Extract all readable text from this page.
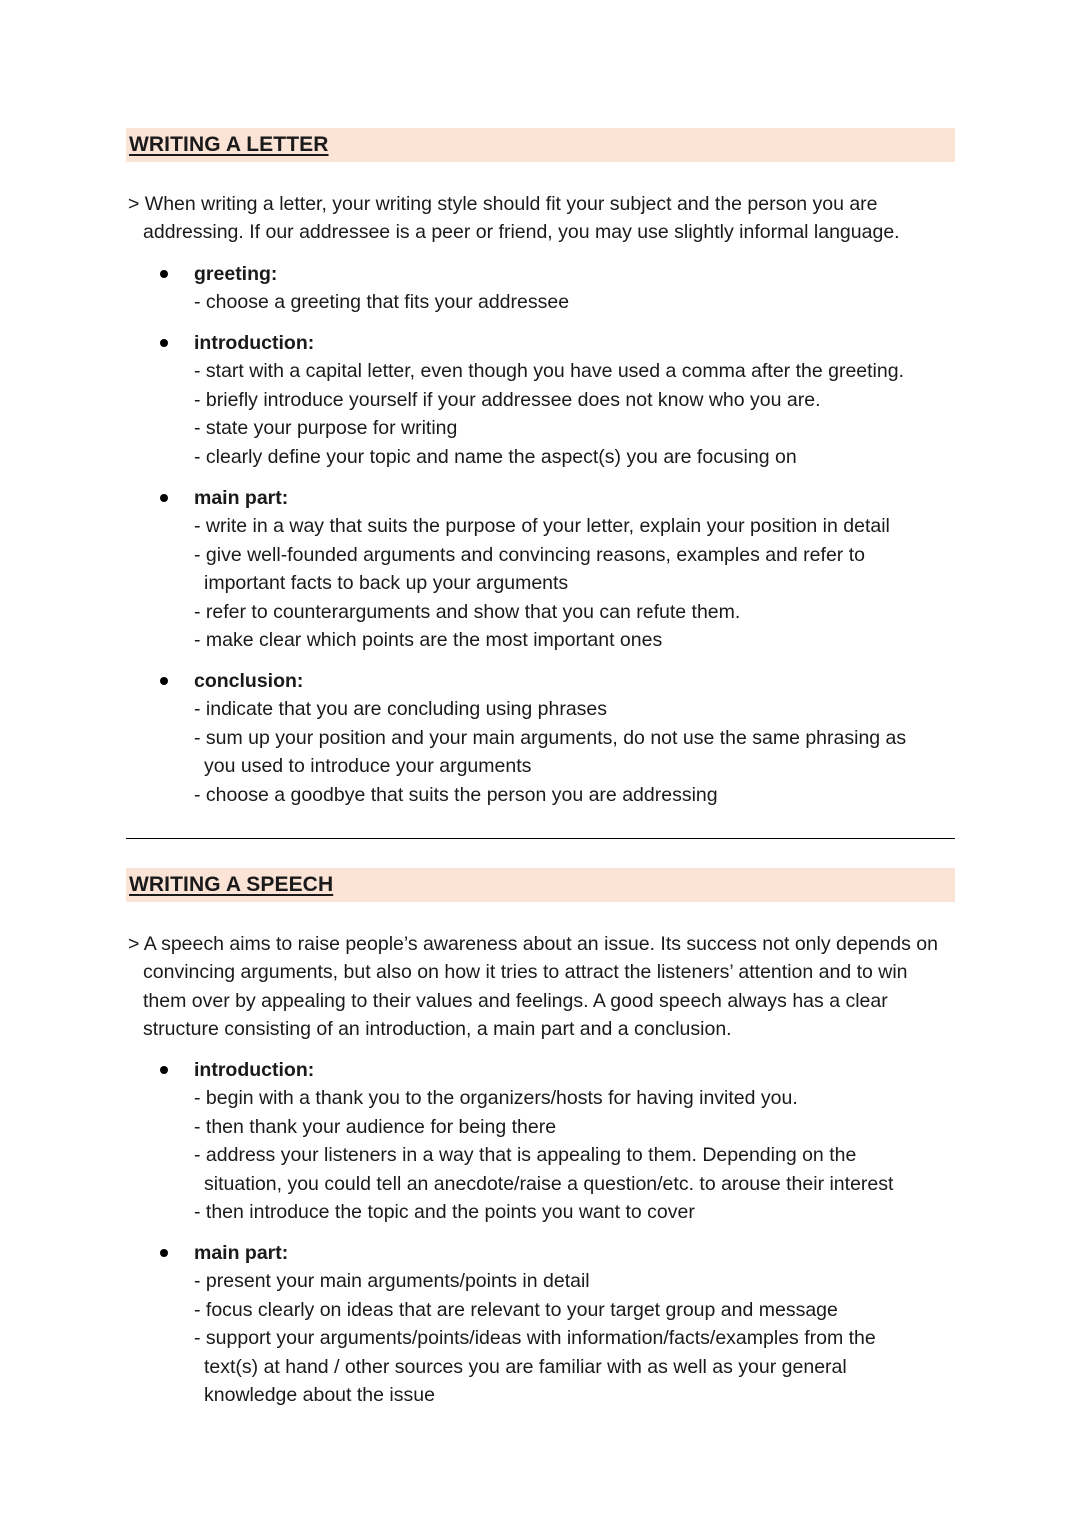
WRITING A LETTER

> When writing a letter, your writing style should fit your subject and the person you are
addressing. If our addressee is a peer or friend, you may use slightly informal language.

greeting:
- choose a greeting that fits your addressee
introduction:
- start with a capital letter, even though you have used a comma after the greeting.
- briefly introduce yourself if your addressee does not know who you are.
- state your purpose for writing
- clearly define your topic and name the aspect(s) you are focusing on
main part:
- write in a way that suits the purpose of your letter, explain your position in detail
- give well-founded arguments and convincing reasons, examples and refer to
important facts to back up your arguments
- refer to counterarguments and show that you can refute them.
- make clear which points are the most important ones
conclusion:
- indicate that you are concluding using phrases
- sum up your position and your main arguments, do not use the same phrasing as
you used to introduce your arguments
- choose a goodbye that suits the person you are addressing
WRITING A SPEECH

> A speech aims to raise people’s awareness about an issue. Its success not only depends on
convincing arguments, but also on how it tries to attract the listeners’ attention and to win
them over by appealing to their values and feelings. A good speech always has a clear
structure consisting of an introduction, a main part and a conclusion.

introduction:
- begin with a thank you to the organizers/hosts for having invited you.
- then thank your audience for being there
- address your listeners in a way that is appealing to them. Depending on the
situation, you could tell an anecdote/raise a question/etc. to arouse their interest
- then introduce the topic and the points you want to cover
main part:
- present your main arguments/points in detail
- focus clearly on ideas that are relevant to your target group and message
- support your arguments/points/ideas with information/facts/examples from the
text(s) at hand / other sources you are familiar with as well as your general
knowledge about the issue
